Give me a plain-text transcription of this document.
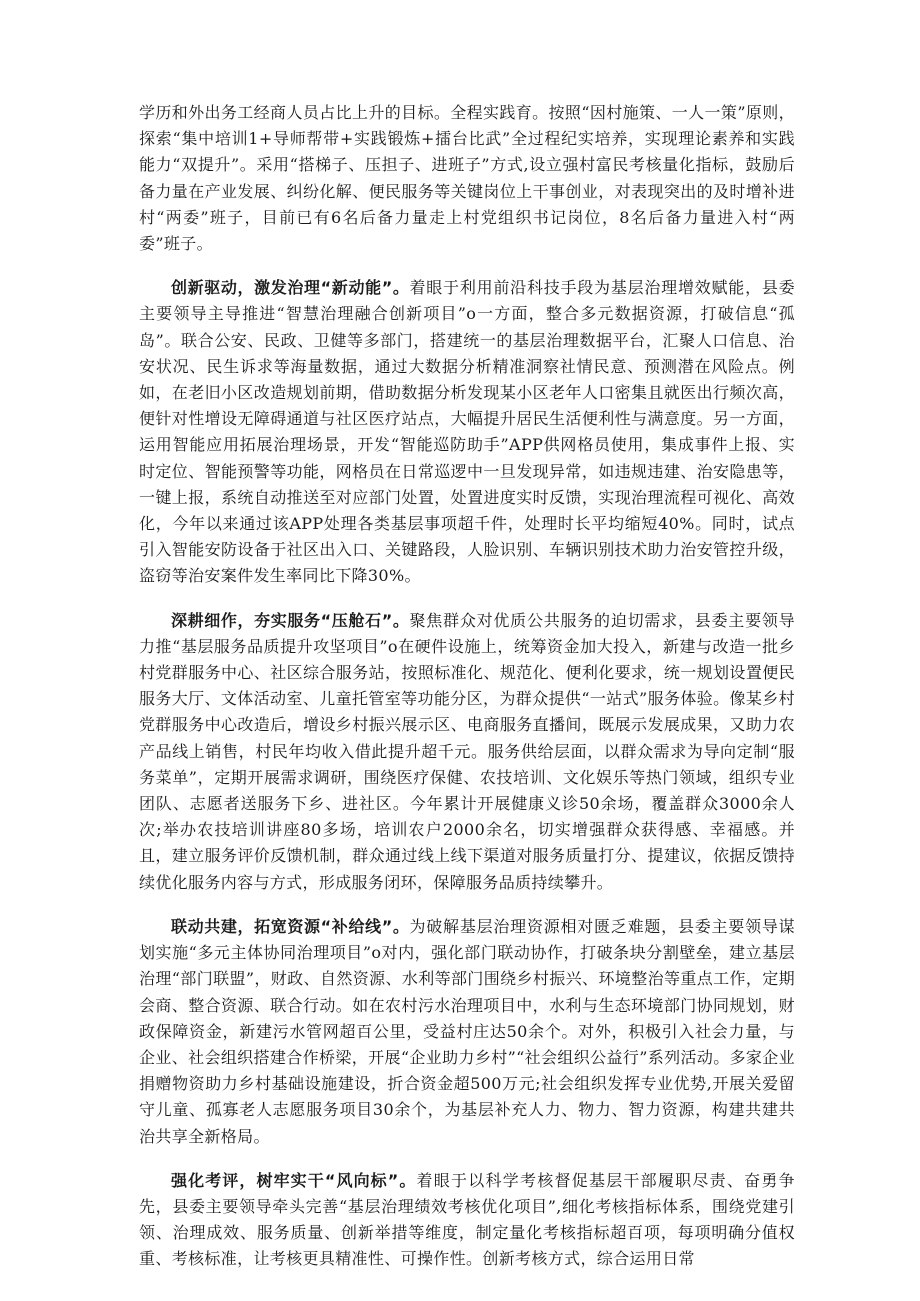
学历和外出务工经商人员占比上升的目标。全程实践育。按照“因村施策、一人一策”原则，探索“集中培训1+导师帮带+实践锻炼+擂台比武”全过程纪实培养，实现理论素养和实践能力“双提升”。采用“搭梯子、压担子、进班子”方式,设立强村富民考核量化指标，鼓励后备力量在产业发展、纠纷化解、便民服务等关键岗位上干事创业，对表现突出的及时增补进村“两委”班子，目前已有6名后备力量走上村党组织书记岗位，8名后备力量进入村“两委”班子。

创新驱动，激发治理“新动能”。着眼于利用前沿科技手段为基层治理增效赋能，县委主要领导主导推进“智慧治理融合创新项目”o一方面，整合多元数据资源，打破信息“孤岛”。联合公安、民政、卫健等多部门，搭建统一的基层治理数据平台，汇聚人口信息、治安状况、民生诉求等海量数据，通过大数据分析精准洞察社情民意、预测潜在风险点。例如，在老旧小区改造规划前期，借助数据分析发现某小区老年人口密集且就医出行频次高，便针对性增设无障碍通道与社区医疗站点，大幅提升居民生活便利性与满意度。另一方面，运用智能应用拓展治理场景，开发“智能巡防助手”APP供网格员使用，集成事件上报、实时定位、智能预警等功能，网格员在日常巡逻中一旦发现异常，如违规违建、治安隐患等，一键上报，系统自动推送至对应部门处置，处置进度实时反馈，实现治理流程可视化、高效化，今年以来通过该APP处理各类基层事项超千件，处理时长平均缩短40%。同时，试点引入智能安防设备于社区出入口、关键路段，人脸识别、车辆识别技术助力治安管控升级，盗窃等治安案件发生率同比下降30%。

深耕细作，夯实服务“压舱石”。聚焦群众对优质公共服务的迫切需求，县委主要领导力推“基层服务品质提升攻坚项目”o在硬件设施上，统筹资金加大投入，新建与改造一批乡村党群服务中心、社区综合服务站，按照标准化、规范化、便利化要求，统一规划设置便民服务大厅、文体活动室、儿童托管室等功能分区，为群众提供“一站式”服务体验。像某乡村党群服务中心改造后，增设乡村振兴展示区、电商服务直播间，既展示发展成果，又助力农产品线上销售，村民年均收入借此提升超千元。服务供给层面，以群众需求为导向定制“服务菜单”，定期开展需求调研，围绕医疗保健、农技培训、文化娱乐等热门领域，组织专业团队、志愿者送服务下乡、进社区。今年累计开展健康义诊50余场，覆盖群众3000余人次;举办农技培训讲座80多场，培训农户2000余名，切实增强群众获得感、幸福感。并且，建立服务评价反馈机制，群众通过线上线下渠道对服务质量打分、提建议，依据反馈持续优化服务内容与方式，形成服务闭环，保障服务品质持续攀升。

联动共建，拓宽资源“补给线”。为破解基层治理资源相对匮乏难题，县委主要领导谋划实施“多元主体协同治理项目”o对内，强化部门联动协作，打破条块分割壁垒，建立基层治理“部门联盟”，财政、自然资源、水利等部门围绕乡村振兴、环境整治等重点工作，定期会商、整合资源、联合行动。如在农村污水治理项目中，水利与生态环境部门协同规划，财政保障资金，新建污水管网超百公里，受益村庄达50余个。对外，积极引入社会力量，与企业、社会组织搭建合作桥梁，开展“企业助力乡村”“社会组织公益行”系列活动。多家企业捐赠物资助力乡村基础设施建设，折合资金超500万元;社会组织发挥专业优势,开展关爱留守儿童、孤寡老人志愿服务项目30余个，为基层补充人力、物力、智力资源，构建共建共治共享全新格局。

强化考评，树牢实干“风向标”。着眼于以科学考核督促基层干部履职尽责、奋勇争先，县委主要领导牵头完善“基层治理绩效考核优化项目”,细化考核指标体系，围绕党建引领、治理成效、服务质量、创新举措等维度，制定量化考核指标超百项，每项明确分值权重、考核标准，让考核更具精准性、可操作性。创新考核方式，综合运用日常
